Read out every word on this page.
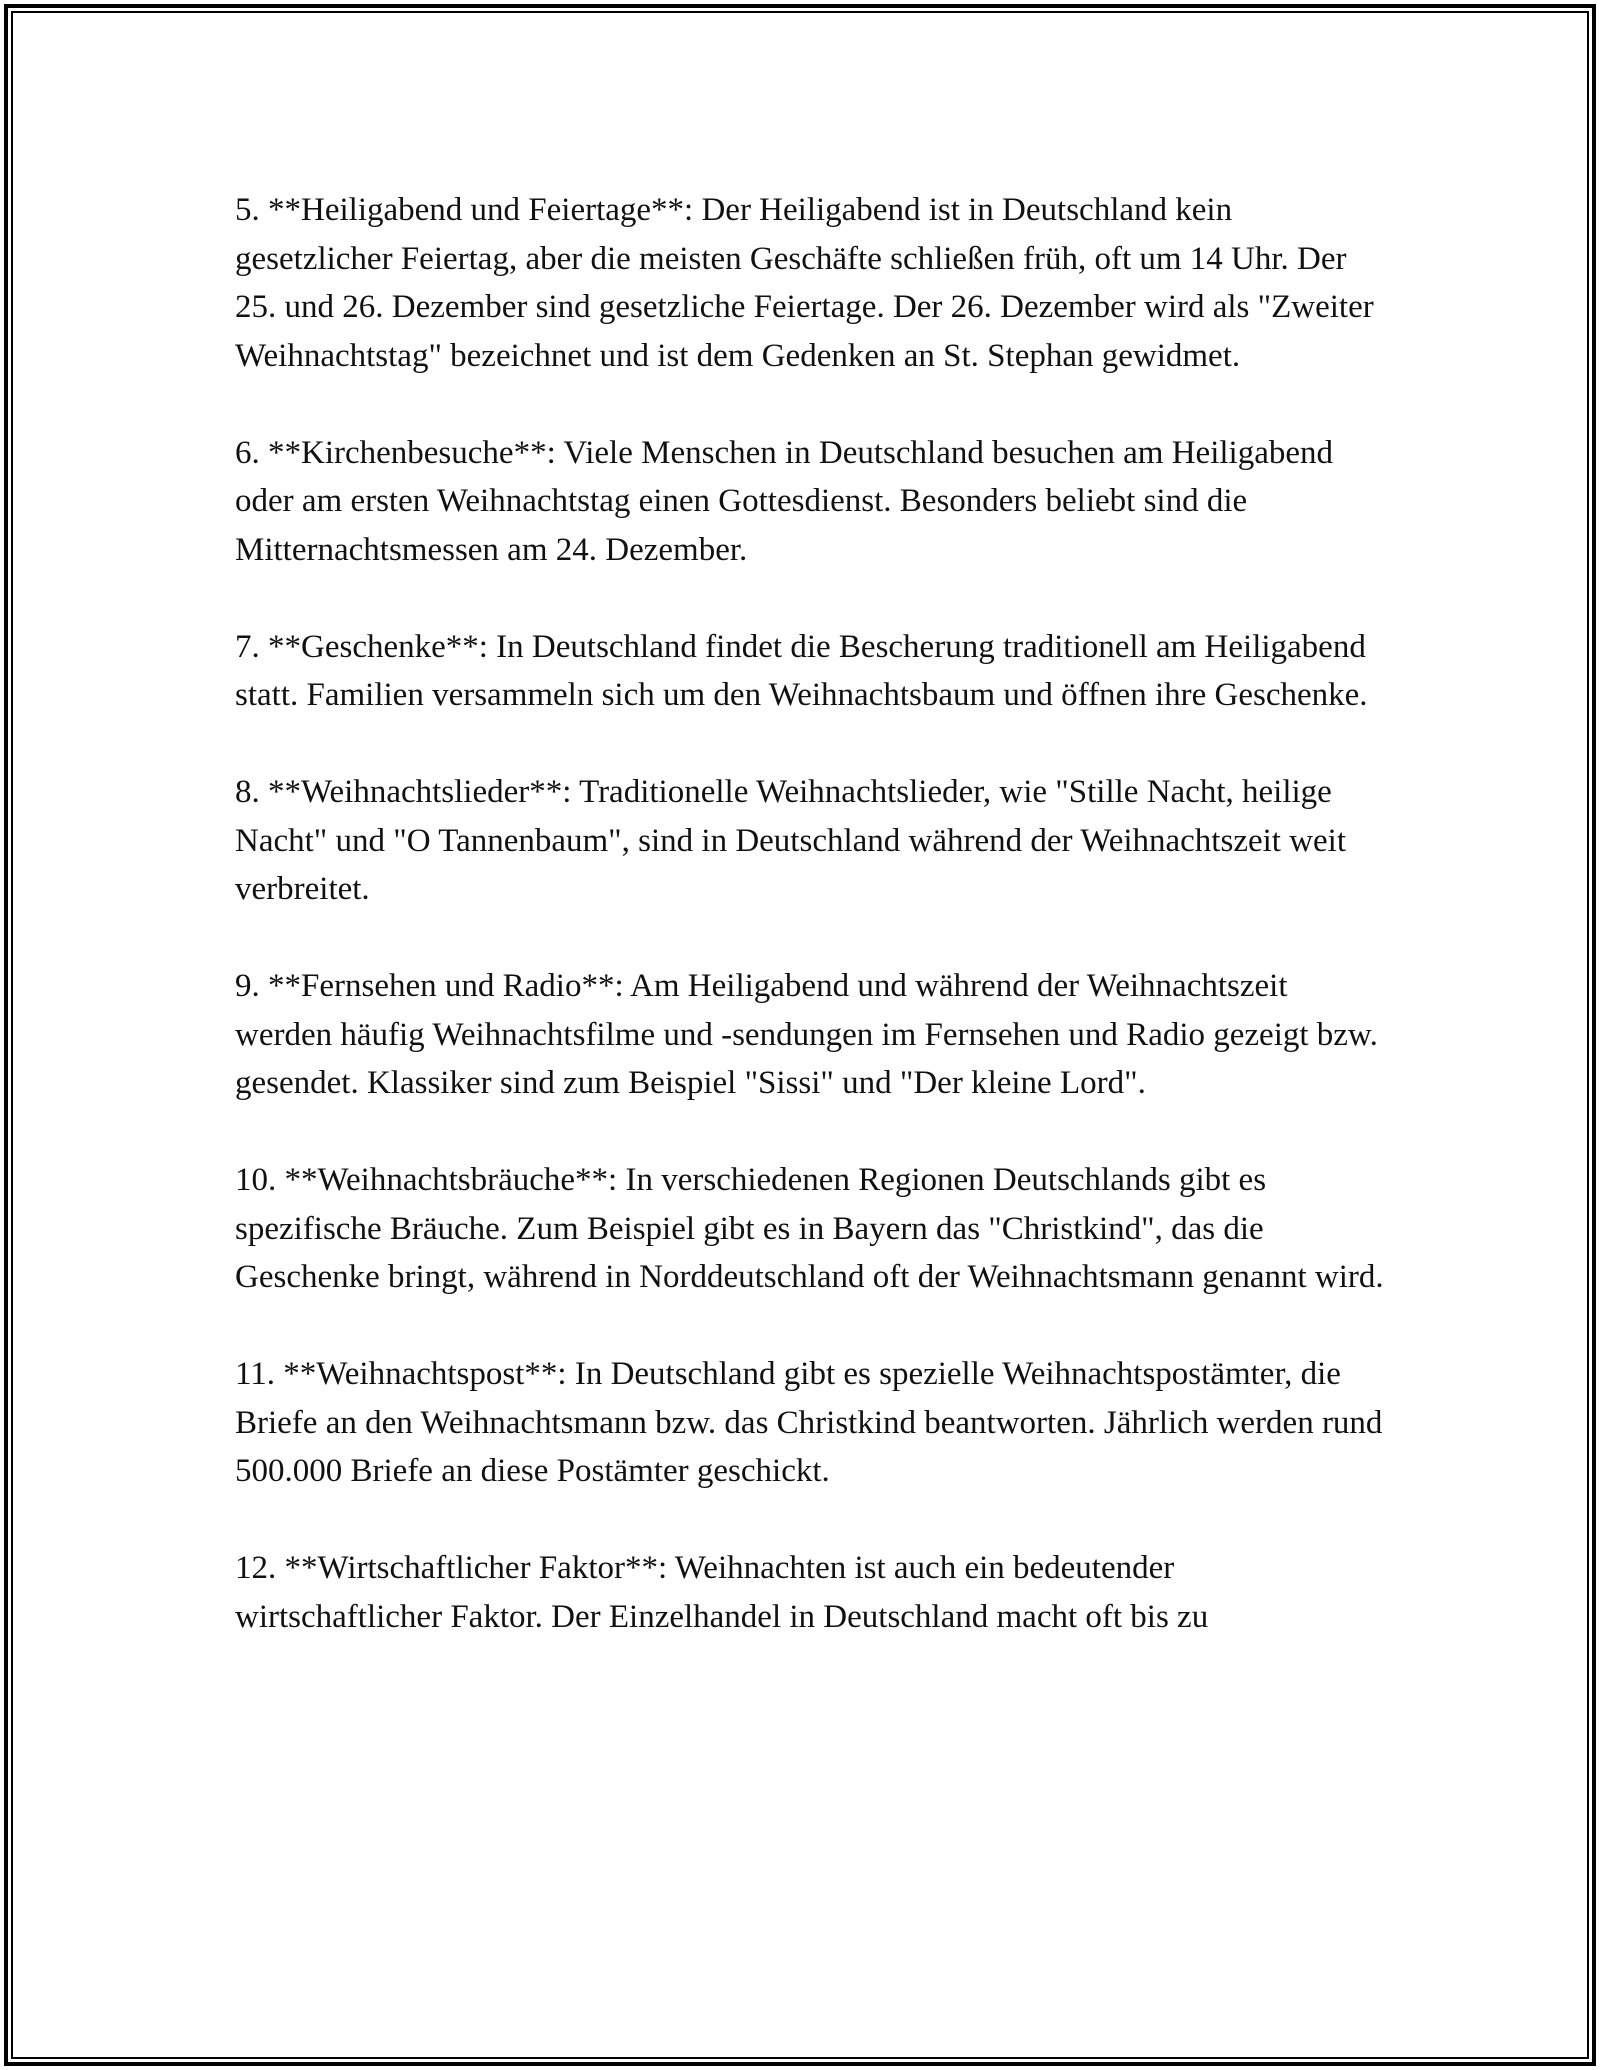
5. **Heiligabend und Feiertage**: Der Heiligabend ist in Deutschland kein gesetzlicher Feiertag, aber die meisten Geschäfte schließen früh, oft um 14 Uhr. Der 25. und 26. Dezember sind gesetzliche Feiertage. Der 26. Dezember wird als "Zweiter Weihnachtstag" bezeichnet und ist dem Gedenken an St. Stephan gewidmet.

6. **Kirchenbesuche**: Viele Menschen in Deutschland besuchen am Heiligabend oder am ersten Weihnachtstag einen Gottesdienst. Besonders beliebt sind die Mitternachtsmessen am 24. Dezember.

7. **Geschenke**: In Deutschland findet die Bescherung traditionell am Heiligabend statt. Familien versammeln sich um den Weihnachtsbaum und öffnen ihre Geschenke.

8. **Weihnachtslieder**: Traditionelle Weihnachtslieder, wie "Stille Nacht, heilige Nacht" und "O Tannenbaum", sind in Deutschland während der Weihnachtszeit weit verbreitet.

9. **Fernsehen und Radio**: Am Heiligabend und während der Weihnachtszeit werden häufig Weihnachtsfilme und -sendungen im Fernsehen und Radio gezeigt bzw. gesendet. Klassiker sind zum Beispiel "Sissi" und "Der kleine Lord".

10. **Weihnachtsbräuche**: In verschiedenen Regionen Deutschlands gibt es spezifische Bräuche. Zum Beispiel gibt es in Bayern das "Christkind", das die Geschenke bringt, während in Norddeutschland oft der Weihnachtsmann genannt wird.

11. **Weihnachtspost**: In Deutschland gibt es spezielle Weihnachtspostämter, die Briefe an den Weihnachtsmann bzw. das Christkind beantworten. Jährlich werden rund 500.000 Briefe an diese Postämter geschickt.

12. **Wirtschaftlicher Faktor**: Weihnachten ist auch ein bedeutender wirtschaftlicher Faktor. Der Einzelhandel in Deutschland macht oft bis zu
